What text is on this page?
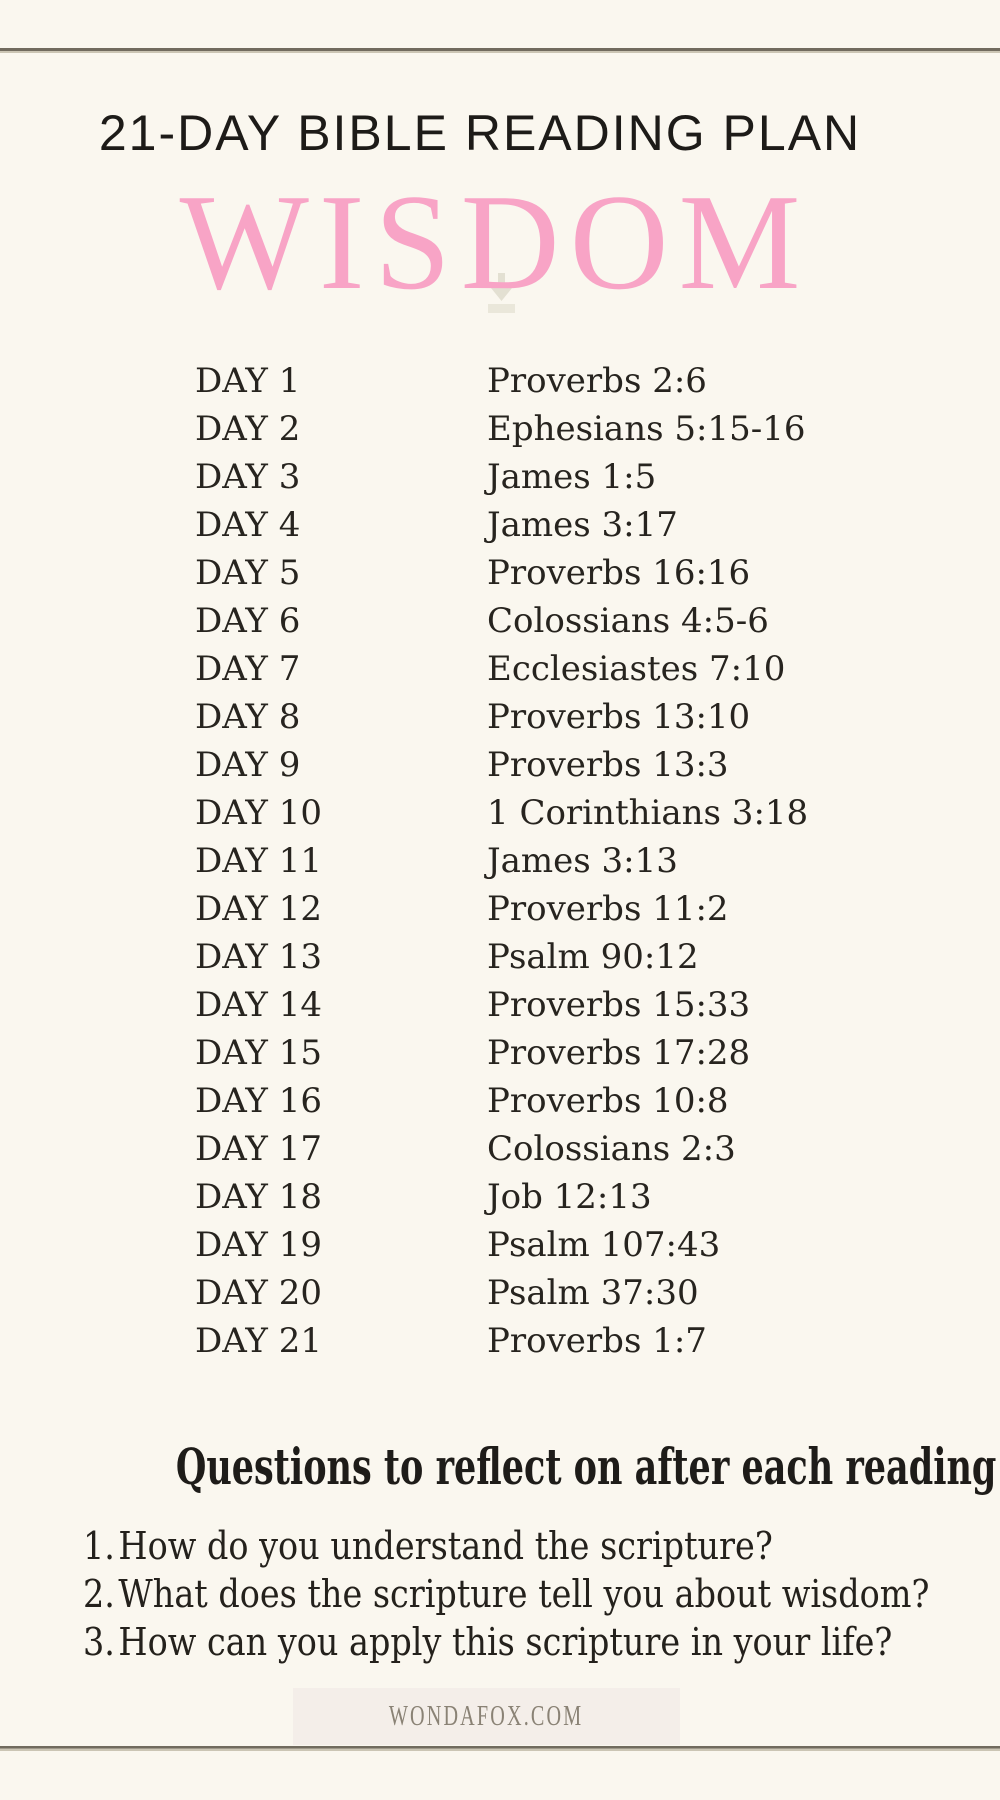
21-DAY BIBLE READING PLAN
WISDOM
DAY 1	Proverbs 2:6
DAY 2	Ephesians 5:15-16
DAY 3	James 1:5
DAY 4	James 3:17
DAY 5	Proverbs 16:16
DAY 6	Colossians 4:5-6
DAY 7	Ecclesiastes 7:10
DAY 8	Proverbs 13:10
DAY 9	Proverbs 13:3
DAY 10	1 Corinthians 3:18
DAY 11	James 3:13
DAY 12	Proverbs 11:2
DAY 13	Psalm 90:12
DAY 14	Proverbs 15:33
DAY 15	Proverbs 17:28
DAY 16	Proverbs 10:8
DAY 17	Colossians 2:3
DAY 18	Job 12:13
DAY 19	Psalm 107:43
DAY 20	Psalm 37:30
DAY 21	Proverbs 1:7
Questions to reflect on after each reading
1.How do you understand the scripture?
2.What does the scripture tell you about wisdom?
3.How can you apply this scripture in your life?
WONDAFOX.COM
